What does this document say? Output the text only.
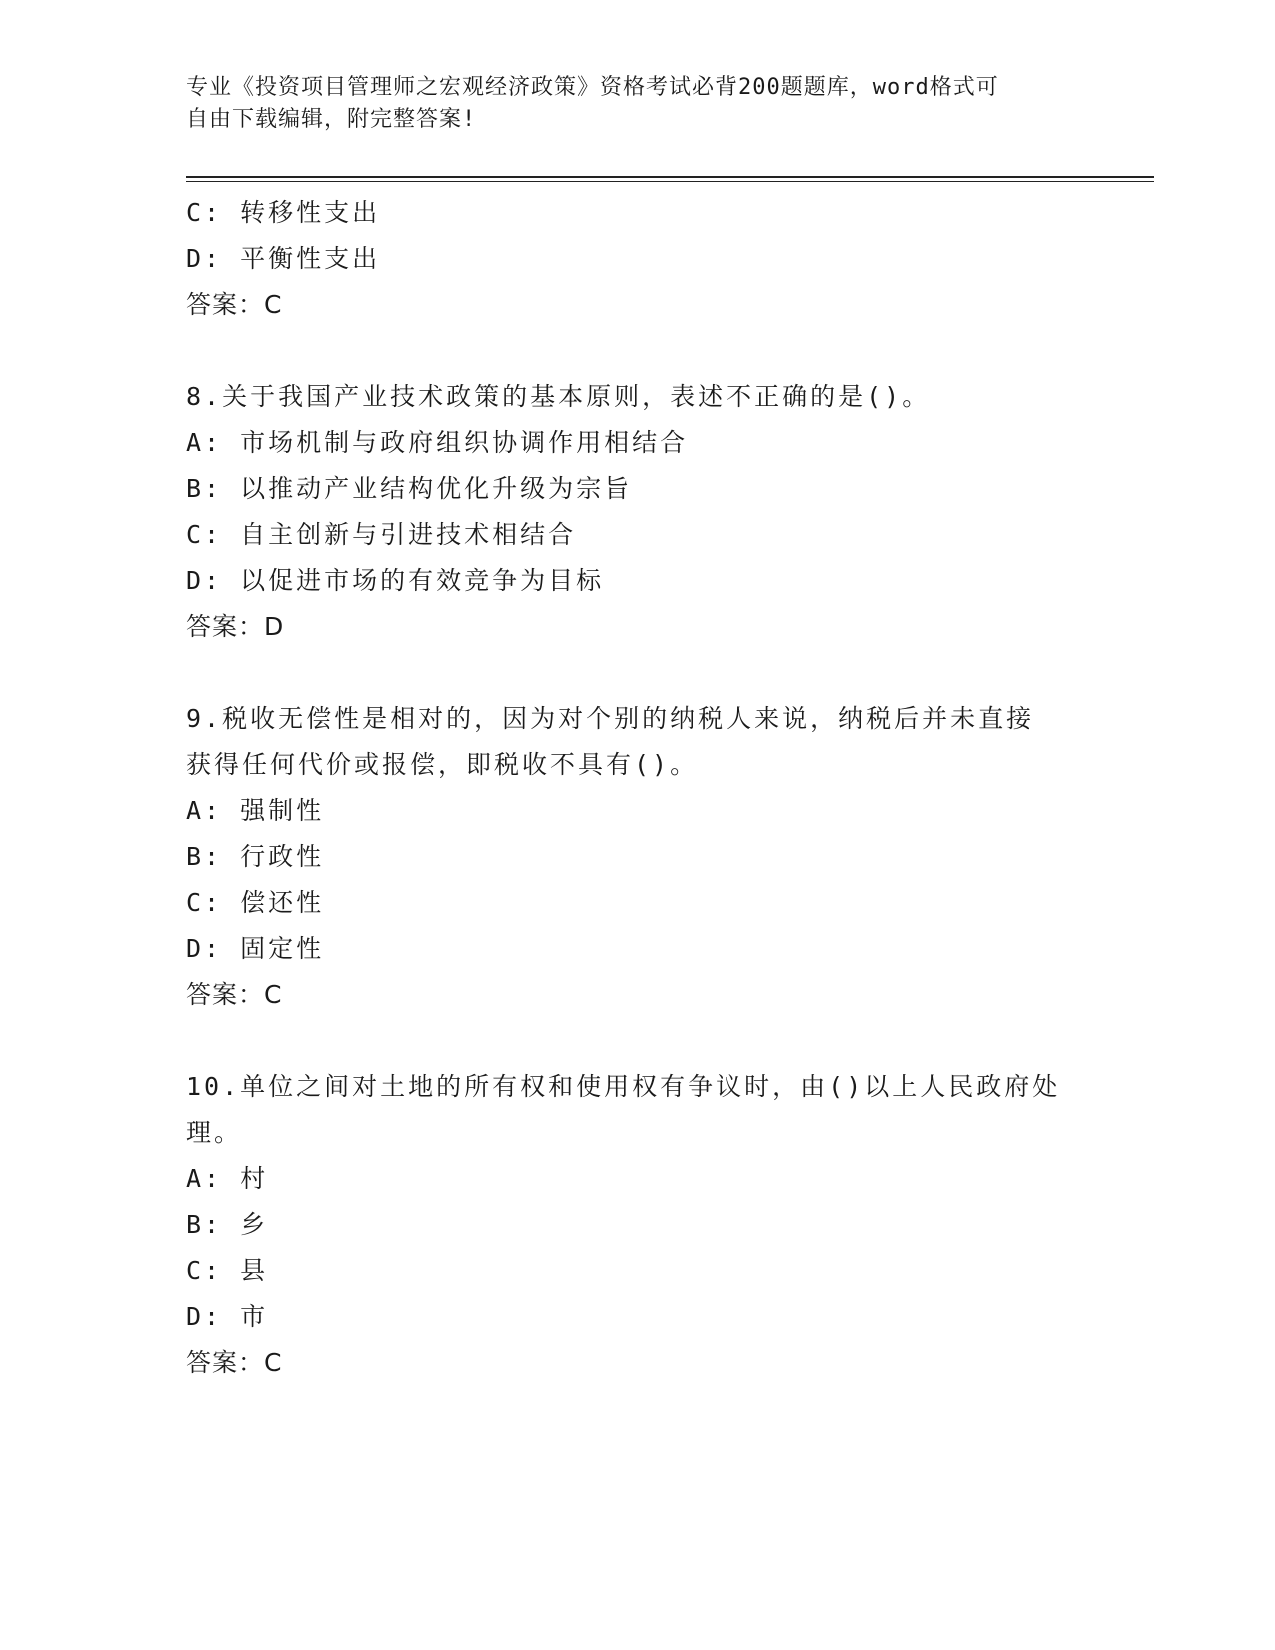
专业《投资项目管理师之宏观经济政策》资格考试必背200题题库，word格式可
自由下载编辑，附完整答案!
C: 转移性支出
D: 平衡性支出
答案：C
8.关于我国产业技术政策的基本原则，表述不正确的是()。
A: 市场机制与政府组织协调作用相结合
B: 以推动产业结构优化升级为宗旨
C: 自主创新与引进技术相结合
D: 以促进市场的有效竞争为目标
答案：D
9.税收无偿性是相对的，因为对个别的纳税人来说，纳税后并未直接
获得任何代价或报偿，即税收不具有()。
A: 强制性
B: 行政性
C: 偿还性
D: 固定性
答案：C
10.单位之间对土地的所有权和使用权有争议时，由()以上人民政府处
理。
A: 村
B: 乡
C: 县
D: 市
答案：C
